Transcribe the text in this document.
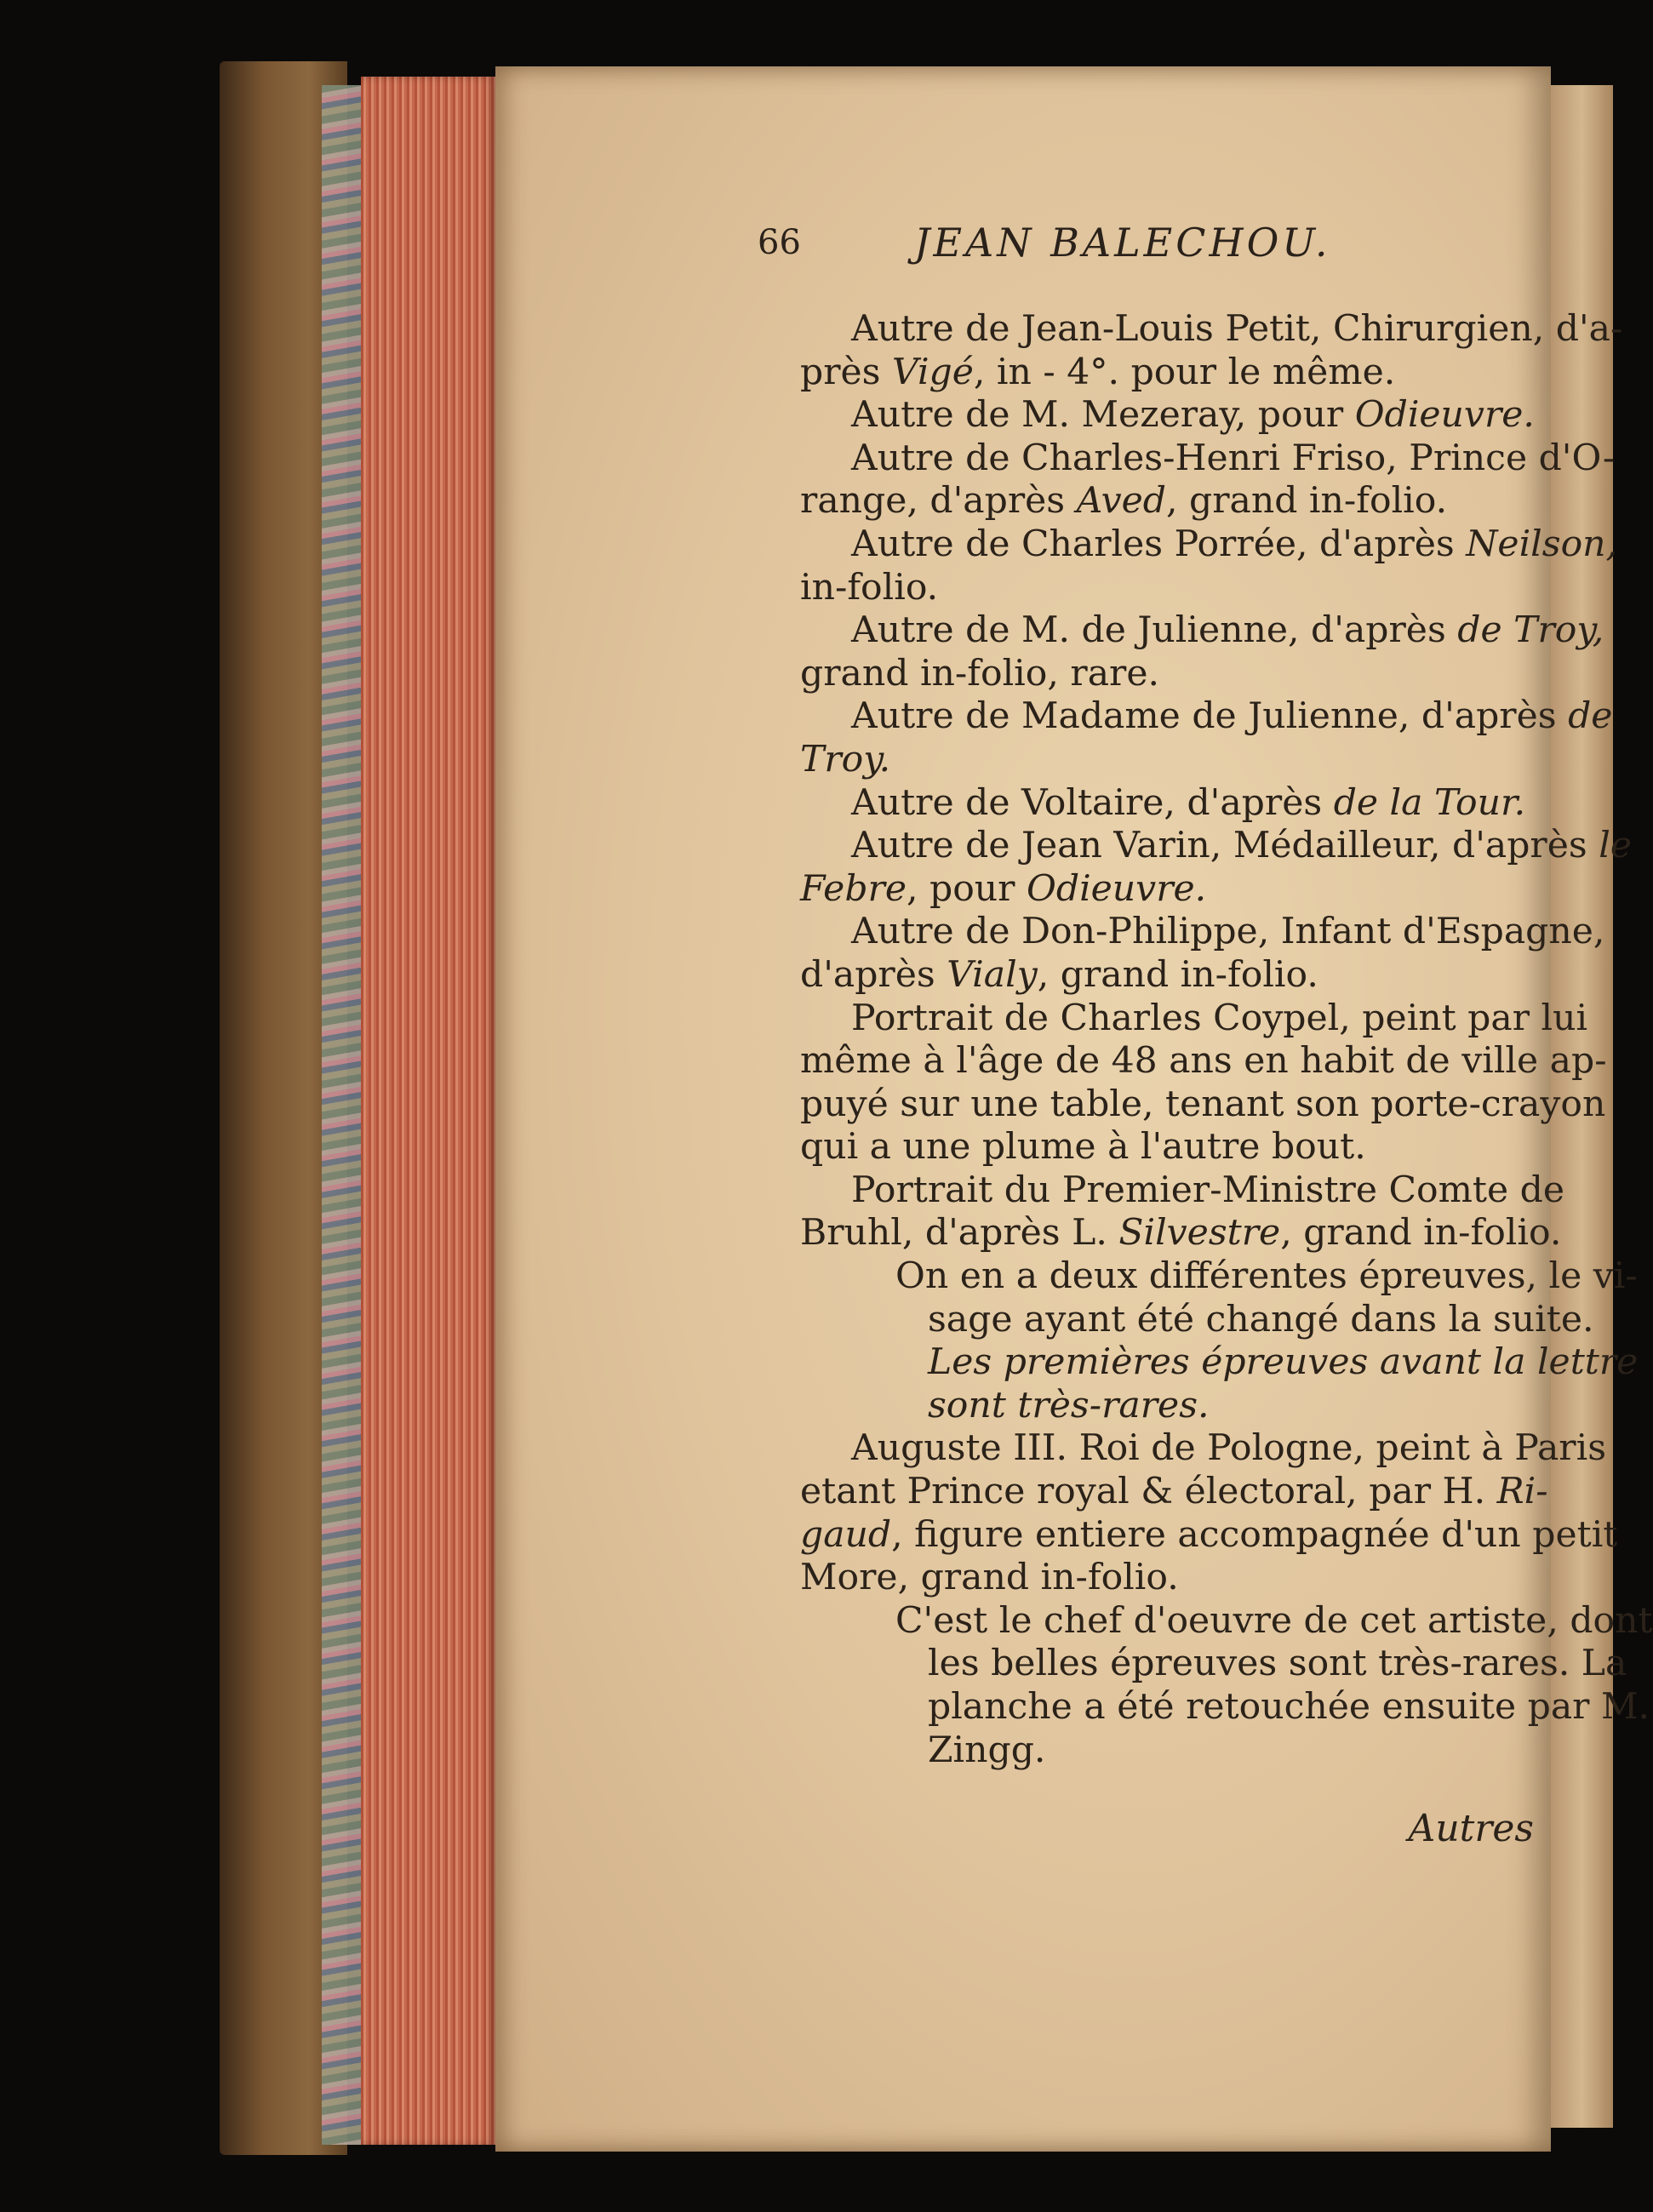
66	JEAN BALECHOU.
Autre de Jean-Louis Petit, Chirurgien, d'a-
près Vigé, in - 4°. pour le même.
Autre de M. Mezeray, pour Odieuvre.
Autre de Charles-Henri Friso, Prince d'O-
range, d'après Aved, grand in-folio.
Autre de Charles Porrée, d'après Neilson,
in-folio.
Autre de M. de Julienne, d'après de Troy,
grand in-folio, rare.
Autre de Madame de Julienne, d'après de
Troy.
Autre de Voltaire, d'après de la Tour.
Autre de Jean Varin, Médailleur, d'après le
Febre, pour Odieuvre.
Autre de Don-Philippe, Infant d'Espagne,
d'après Vialy, grand in-folio.
Portrait de Charles Coypel, peint par lui
même à l'âge de 48 ans en habit de ville ap-
puyé sur une table, tenant son porte-crayon
qui a une plume à l'autre bout.
Portrait du Premier-Ministre Comte de
Bruhl, d'après L. Silvestre, grand in-folio.
On en a deux différentes épreuves, le vi-
sage ayant été changé dans la suite.
Les premières épreuves avant la lettre
sont très-rares.
Auguste III. Roi de Pologne, peint à Paris
etant Prince royal & électoral, par H. Ri-
gaud, figure entiere accompagnée d'un petit
More, grand in-folio.
C'est le chef d'oeuvre de cet artiste, dont
les belles épreuves sont très-rares. La
planche a été retouchée ensuite par M.
Zingg.
Autres
